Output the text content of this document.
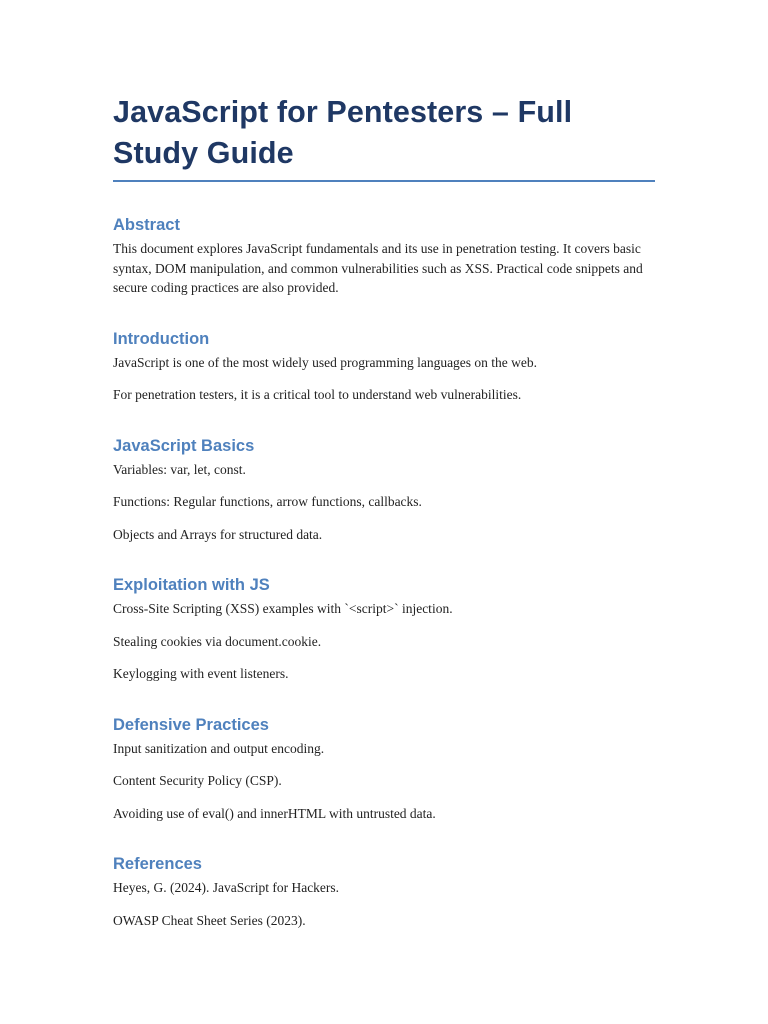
JavaScript for Pentesters – Full Study Guide
Abstract

This document explores JavaScript fundamentals and its use in penetration testing. It covers basic syntax, DOM manipulation, and common vulnerabilities such as XSS. Practical code snippets and secure coding practices are also provided.

Introduction

JavaScript is one of the most widely used programming languages on the web.

For penetration testers, it is a critical tool to understand web vulnerabilities.

JavaScript Basics

Variables: var, let, const.

Functions: Regular functions, arrow functions, callbacks.

Objects and Arrays for structured data.

Exploitation with JS

Cross-Site Scripting (XSS) examples with `<script>` injection.

Stealing cookies via document.cookie.

Keylogging with event listeners.

Defensive Practices

Input sanitization and output encoding.

Content Security Policy (CSP).

Avoiding use of eval() and innerHTML with untrusted data.

References

Heyes, G. (2024). JavaScript for Hackers.

OWASP Cheat Sheet Series (2023).
